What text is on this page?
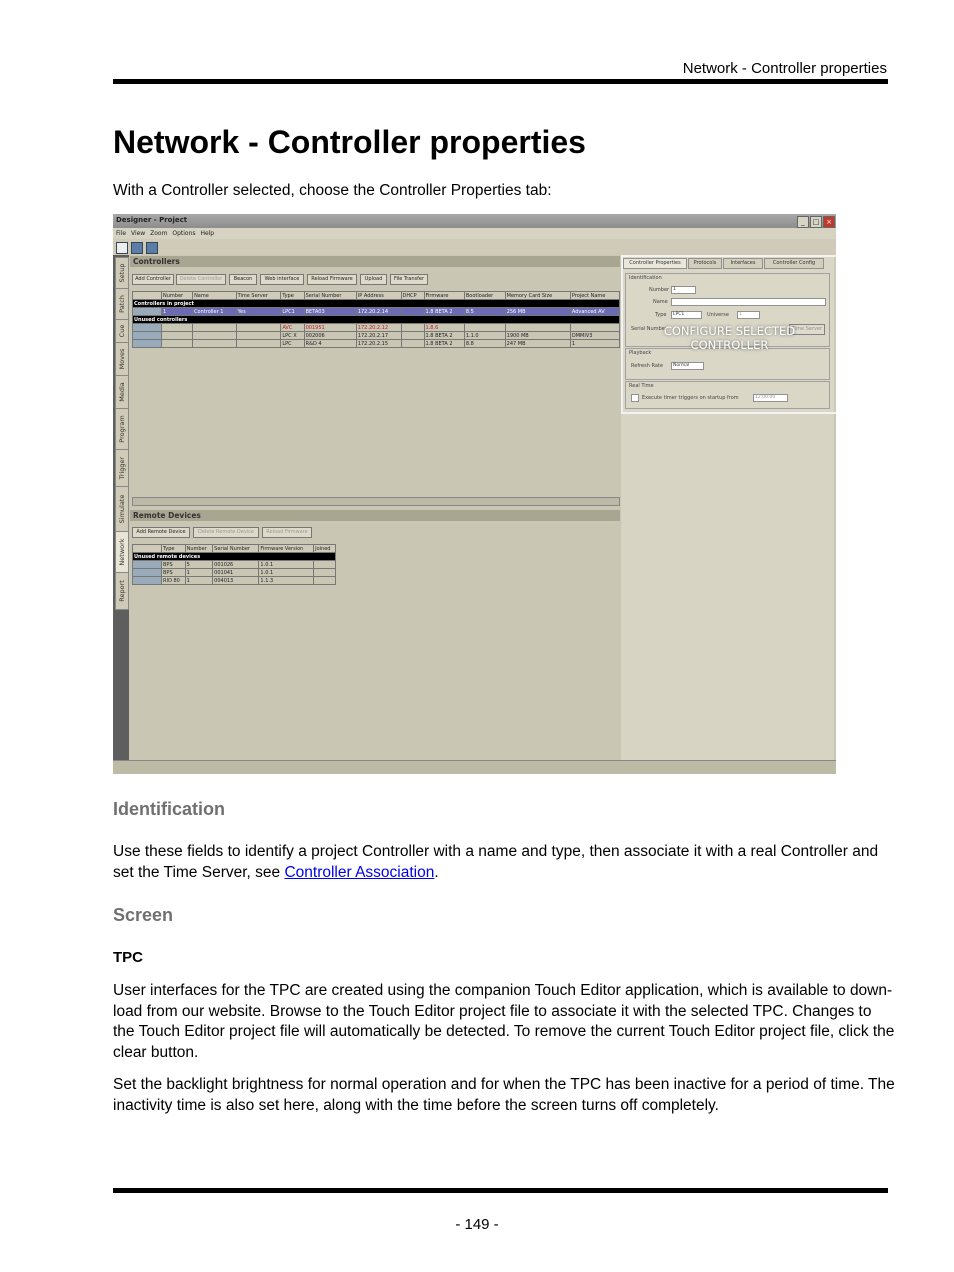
Network - Controller properties
Network - Controller properties
With a Controller selected, choose the Controller Properties tab:
Designer - Project	_	□ ×
File View Zoom Options Help
Setup
Patch
Cue
Moves
Media
Program
Trigger
Simulate
Network
Report
Controllers
Add Controller	Delete Controller	Beacon	Web interface	Reload Firmware	Upload	File Transfer
	Number	Name	Time Server	Type	Serial Number	IP Address	DHCP	Firmware	Bootloader	Memory Card Size	Project Name
Controllers in project											
	1	Controller 1	Yes	LPC1	BETA03	172.20.2.14		1.8 BETA 2	8.5	256 MB	Advanced AV
Unused controllers											
				AVC	001951	172.20.2.12		1.8.6			
				LPC X	002006	172.20.2.17		1.8 BETA 2	1.1.0	1900 MB	DMMIV3
				LPC	R&D 4	172.20.2.15		1.8 BETA 2	8.8	247 MB	1
Remote Devices
Add Remote Device	Delete Remote Device	Reload Firmware
	Type	Number	Serial Number	Firmware Version	Joined
Unused remote devices					
	BPS	5	001026	1.0.1	
	BPS	1	001041	1.0.1	
	RIO 80	1	004013	1.1.3	
Controller Properties	Protocols	Interfaces	Controller Config
Identification
Number 1
Name
Type	LPC1	Universe	1
Serial Number	Time Server
Playback
Refresh Rate	Normal
Real Time
Execute timer triggers on startup from	12:00:00
CONFIGURE SELECTED
CONTROLLER
Identification

Use these fields to identify a project Controller with a name and type, then associate it with a real Controller and set the Time Server, see Controller Association.

Screen
TPC

User interfaces for the TPC are created using the companion Touch Editor application, which is available to down-load from our website. Browse to the Touch Editor project file to associate it with the selected TPC. Changes to the Touch Editor project file will automatically be detected. To remove the current Touch Editor project file, click the clear button.

Set the backlight brightness for normal operation and for when the TPC has been inactive for a period of time. The inactivity time is also set here, along with the time before the screen turns off completely.

- 149 -
